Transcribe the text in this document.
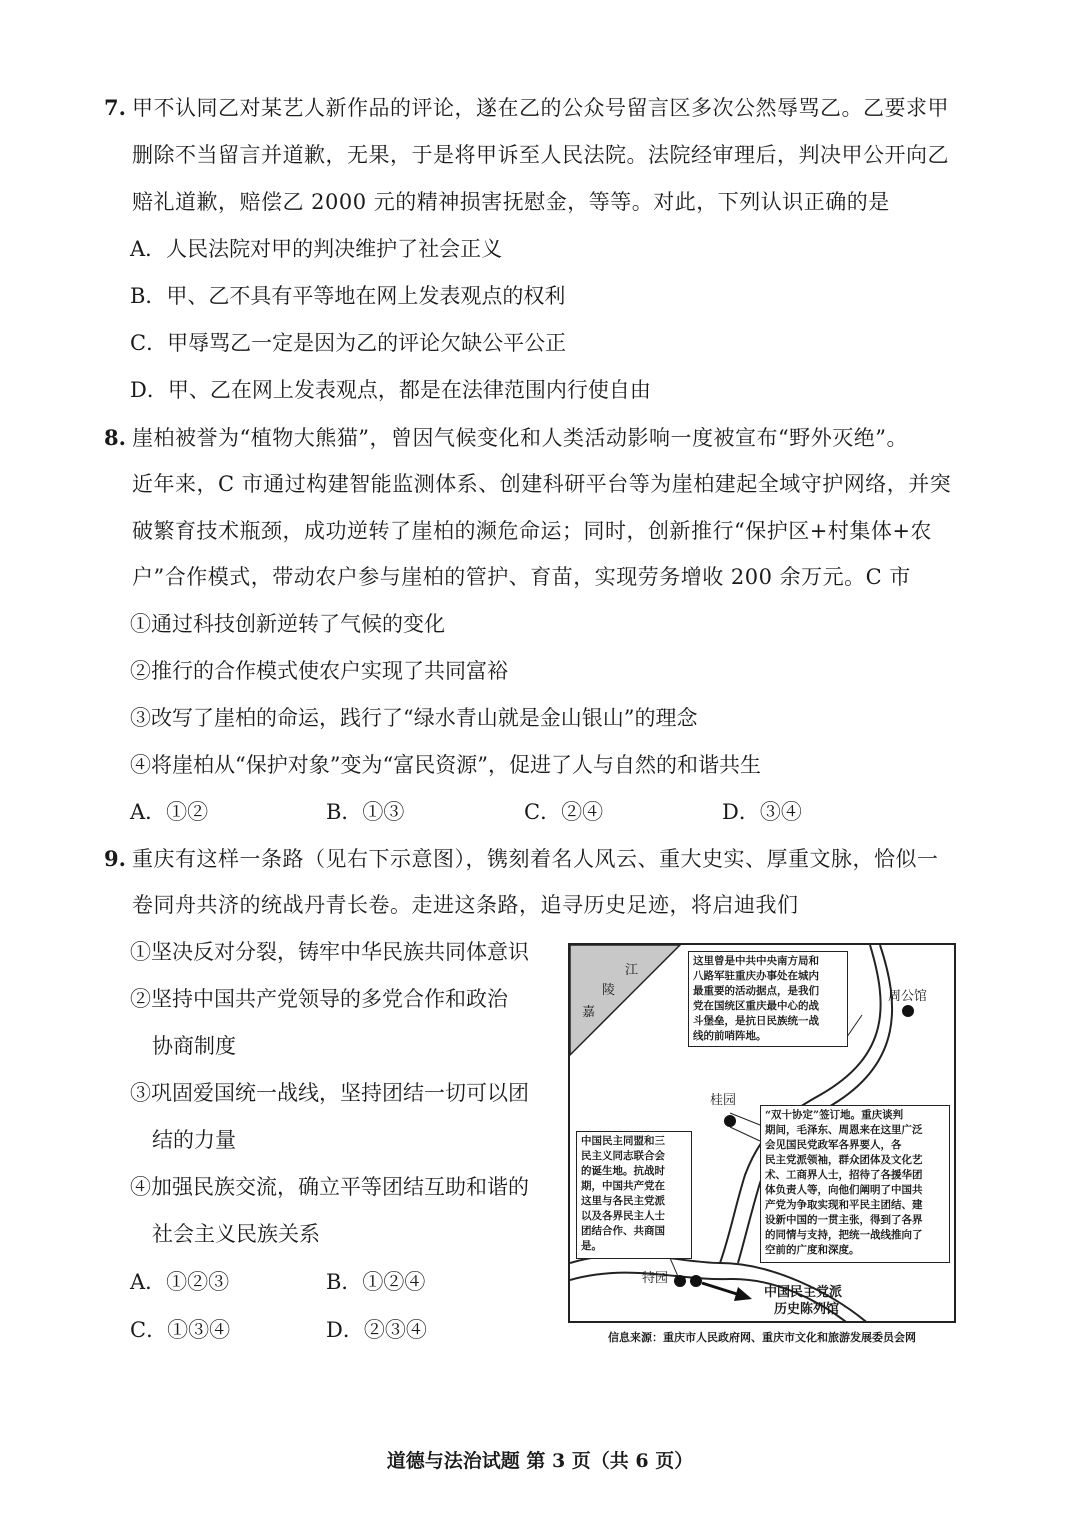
7. 甲不认同乙对某艺人新作品的评论，遂在乙的公众号留言区多次公然辱骂乙。乙要求甲
删除不当留言并道歉，无果，于是将甲诉至人民法院。法院经审理后，判决甲公开向乙
赔礼道歉，赔偿乙 2000 元的精神损害抚慰金，等等。对此，下列认识正确的是
A．人民法院对甲的判决维护了社会正义
B．甲、乙不具有平等地在网上发表观点的权利
C．甲辱骂乙一定是因为乙的评论欠缺公平公正
D．甲、乙在网上发表观点，都是在法律范围内行使自由
8. 崖柏被誉为“植物大熊猫”，曾因气候变化和人类活动影响一度被宣布“野外灭绝”。
近年来，C 市通过构建智能监测体系、创建科研平台等为崖柏建起全域守护网络，并突
破繁育技术瓶颈，成功逆转了崖柏的濒危命运；同时，创新推行“保护区+村集体+农
户”合作模式，带动农户参与崖柏的管护、育苗，实现劳务增收 200 余万元。C 市
①通过科技创新逆转了气候的变化
②推行的合作模式使农户实现了共同富裕
③改写了崖柏的命运，践行了“绿水青山就是金山银山”的理念
④将崖柏从“保护对象”变为“富民资源”，促进了人与自然的和谐共生
A．①②	B．①③	C．②④	D．③④
9. 重庆有这样一条路（见右下示意图），镌刻着名人风云、重大史实、厚重文脉，恰似一
卷同舟共济的统战丹青长卷。走进这条路，追寻历史足迹，将启迪我们
①坚决反对分裂，铸牢中华民族共同体意识
②坚持中国共产党领导的多党合作和政治
协商制度
③巩固爱国统一战线，坚持团结一切可以团
结的力量
④加强民族交流，确立平等团结互助和谐的
社会主义民族关系
A．①②③	B．①②④
C．①③④	D．②③④
江
陵
嘉
周公馆
桂园
特园
中国民主党派
历史陈列馆
这里曾是中共中央南方局和
八路军驻重庆办事处在城内
最重要的活动据点，是我们
党在国统区重庆最中心的战
斗堡垒，是抗日民族统一战
线的前哨阵地。
“双十协定”签订地。重庆谈判
期间，毛泽东、周恩来在这里广泛
会见国民党政军各界要人，各
民主党派领袖，群众团体及文化艺
术、工商界人士，招待了各援华团
体负责人等，向他们阐明了中国共
产党为争取实现和平民主团结、建
设新中国的一贯主张，得到了各界
的同情与支持，把统一战线推向了
空前的广度和深度。
中国民主同盟和三
民主义同志联合会
的诞生地。抗战时
期，中国共产党在
这里与各民主党派
以及各界民主人士
团结合作、共商国
是。
信息来源：重庆市人民政府网、重庆市文化和旅游发展委员会网
道德与法治试题 第 3 页（共 6 页）
